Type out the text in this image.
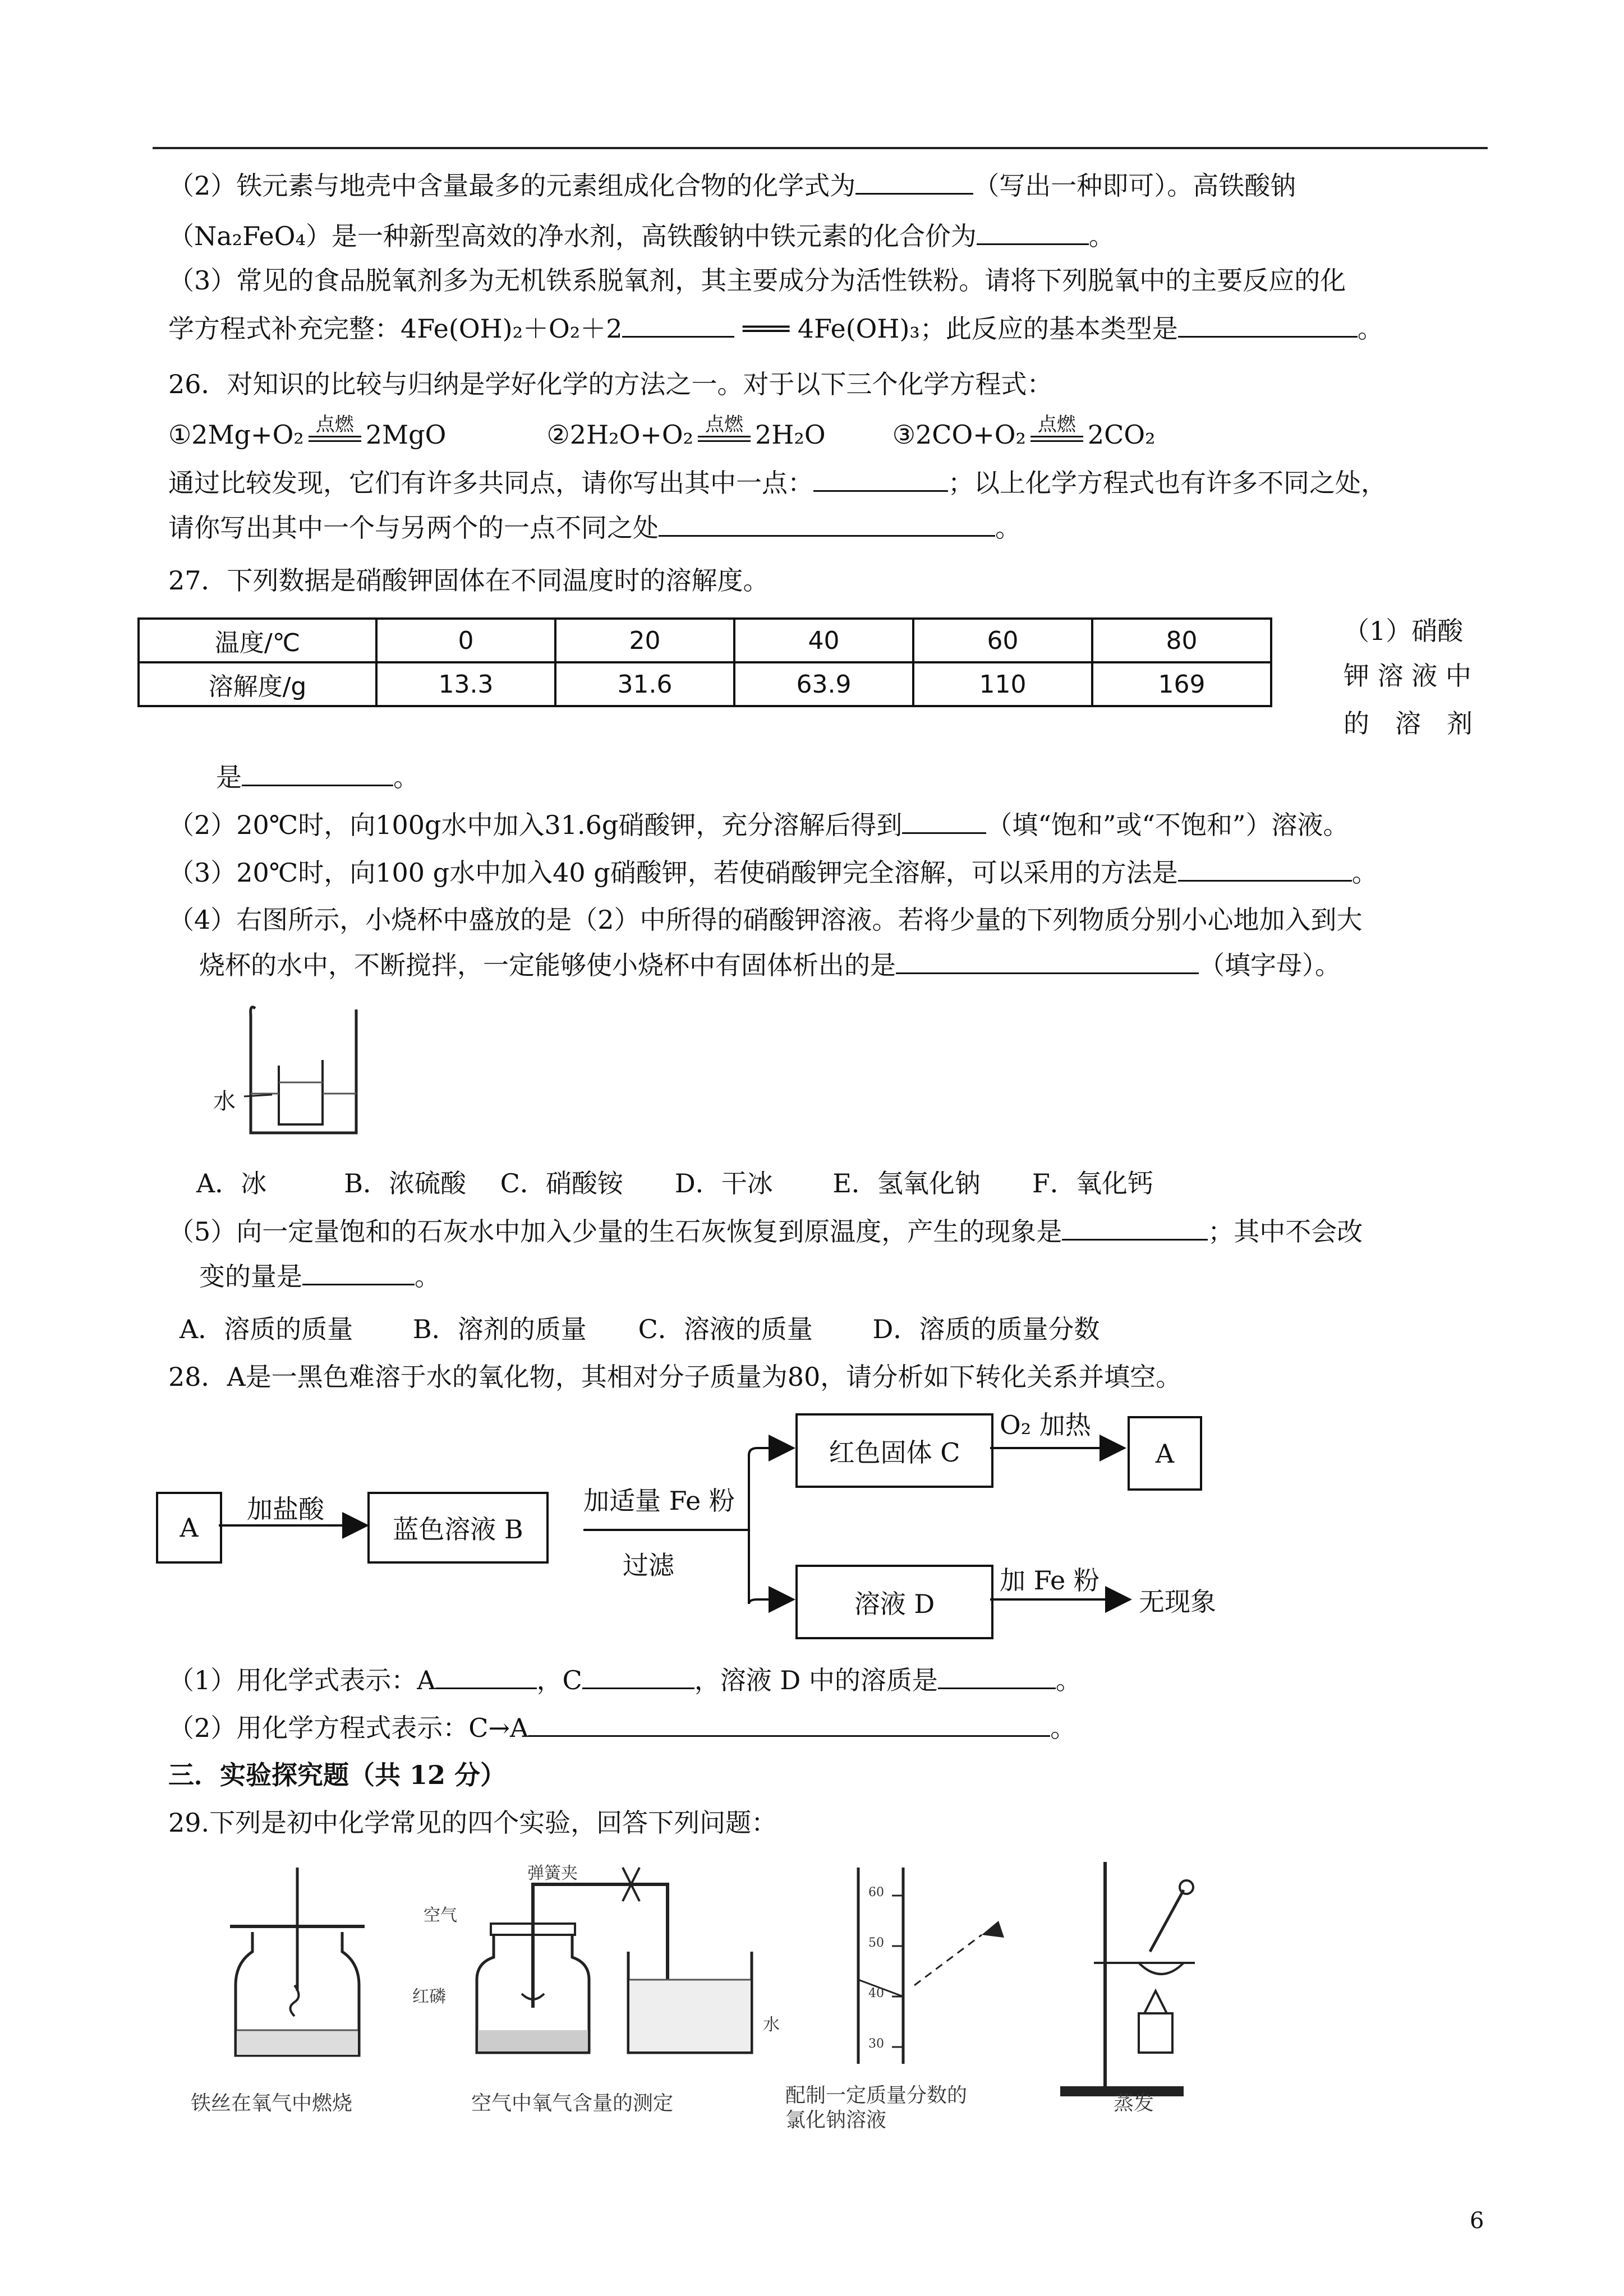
（2）铁元素与地壳中含量最多的元素组成化合物的化学式为	（写出一种即可）。高铁酸钠
（Na₂FeO₄）是一种新型高效的净水剂，高铁酸钠中铁元素的化合价为	。
（3）常见的食品脱氧剂多为无机铁系脱氧剂，其主要成分为活性铁粉。请将下列脱氧中的主要反应的化
学方程式补充完整：4Fe(OH)₂＋O₂＋2	═══ 4Fe(OH)₃；此反应的基本类型是	。
26．对知识的比较与归纳是学好化学的方法之一。对于以下三个化学方程式：
①2Mg+O₂ 点燃 2MgO	②2H₂O+O₂ 点燃 2H₂O	③2CO+O₂ 点燃 2CO₂
通过比较发现，它们有许多共同点，请你写出其中一点：	；以上化学方程式也有许多不同之处，
请你写出其中一个与另两个的一点不同之处	。
27．下列数据是硝酸钾固体在不同温度时的溶解度。
温度/℃	0	20	40	60	80
溶解度/g	13.3	31.6	63.9	110	169
（1）硝酸
钾 溶 液 中
的　溶　剂
是	。
（2）20℃时，向100g水中加入31.6g硝酸钾，充分溶解后得到	（填“饱和”或“不饱和”）溶液。
（3）20℃时，向100 g水中加入40 g硝酸钾，若使硝酸钾完全溶解，可以采用的方法是	。
（4）右图所示，小烧杯中盛放的是（2）中所得的硝酸钾溶液。若将少量的下列物质分别小心地加入到大
烧杯的水中，不断搅拌，一定能够使小烧杯中有固体析出的是	（填字母）。
水
A．冰　　　B．浓硫酸　 C．硝酸铵　　D．干冰　　 E．氢氧化钠　　F．氧化钙
（5）向一定量饱和的石灰水中加入少量的生石灰恢复到原温度，产生的现象是	；其中不会改
变的量是	。
A．溶质的质量　　 B．溶剂的质量　　C．溶液的质量　　 D．溶质的质量分数
28．A是一黑色难溶于水的氧化物，其相对分子质量为80，请分析如下转化关系并填空。
A	蓝色溶液 B
红色固体 C	A
溶液 D
加盐酸	加适量 Fe 粉
过滤
O₂ 加热
加 Fe 粉
无现象
（1）用化学式表示：A	，C	，溶液 D 中的溶质是	。
（2）用化学方程式表示：C→A	。
三．实验探究题（共 12 分）
29.下列是初中化学常见的四个实验，回答下列问题：
弹簧夹
空气
红磷
水
60
50
40
30
铁丝在氧气中燃烧	空气中氧气含量的测定	配制一定质量分数的
氯化钠溶液
蒸发
6
